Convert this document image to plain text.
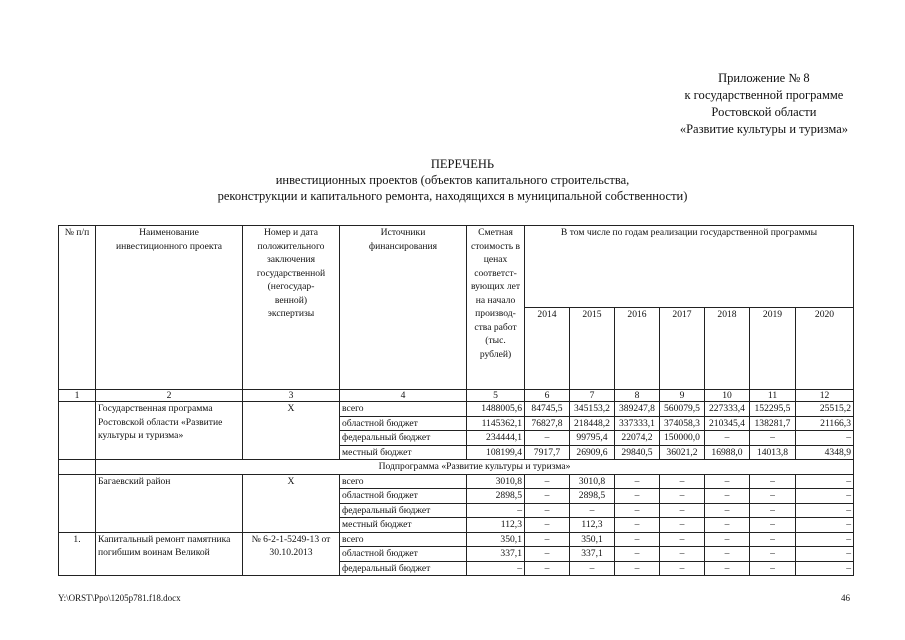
Приложение № 8
к государственной программе
Ростовской области
«Развитие культуры и туризма»
ПЕРЕЧЕНЬ
инвестиционных проектов (объектов капитального строительства,
реконструкции и капитального ремонта, находящихся в муниципальной собственности)
№ п/п	Наименование инвестиционного проекта	Номер и дата положительного заключения государственной (негосудар- венной) экспертизы	Источники финансирования	Сметная стоимость в ценах соответст- вующих лет на начало производ- ства работ (тыс. рублей)	В том числе по годам реализации государственной программы						
					2014	2015	2016	2017	2018	2019	2020
1	2	3	4	5	6	7	8	9	10	11	12
	Государственная программа Ростовской области «Развитие культуры и туризма»	Х	всего	1488005,6	84745,5	345153,2	389247,8	560079,5	227333,4	152295,5	25515,2
			областной бюджет	1145362,1	76827,8	218448,2	337333,1	374058,3	210345,4	138281,7	21166,3
			федеральный бюджет	234444,1	–	99795,4	22074,2	150000,0	–	–	–
			местный бюджет	108199,4	7917,7	26909,6	29840,5	36021,2	16988,0	14013,8	4348,9
	Подпрограмма «Развитие культуры и туризма»										
	Багаевский район	Х	всего	3010,8	–	3010,8	–	–	–	–	–
			областной бюджет	2898,5	–	2898,5	–	–	–	–	–
			федеральный бюджет	–	–	–	–	–	–	–	–
			местный бюджет	112,3	–	112,3	–	–	–	–	–
1.	Капитальный ремонт памятника погибшим воинам Великой	№ 6-2-1-5249-13 от 30.10.2013	всего	350,1	–	350,1	–	–	–	–	–
			областной бюджет	337,1	–	337,1	–	–	–	–	–
			федеральный бюджет	–	–	–	–	–	–	–	–
Y:\ORST\Ppo\1205p781.f18.docx	46
